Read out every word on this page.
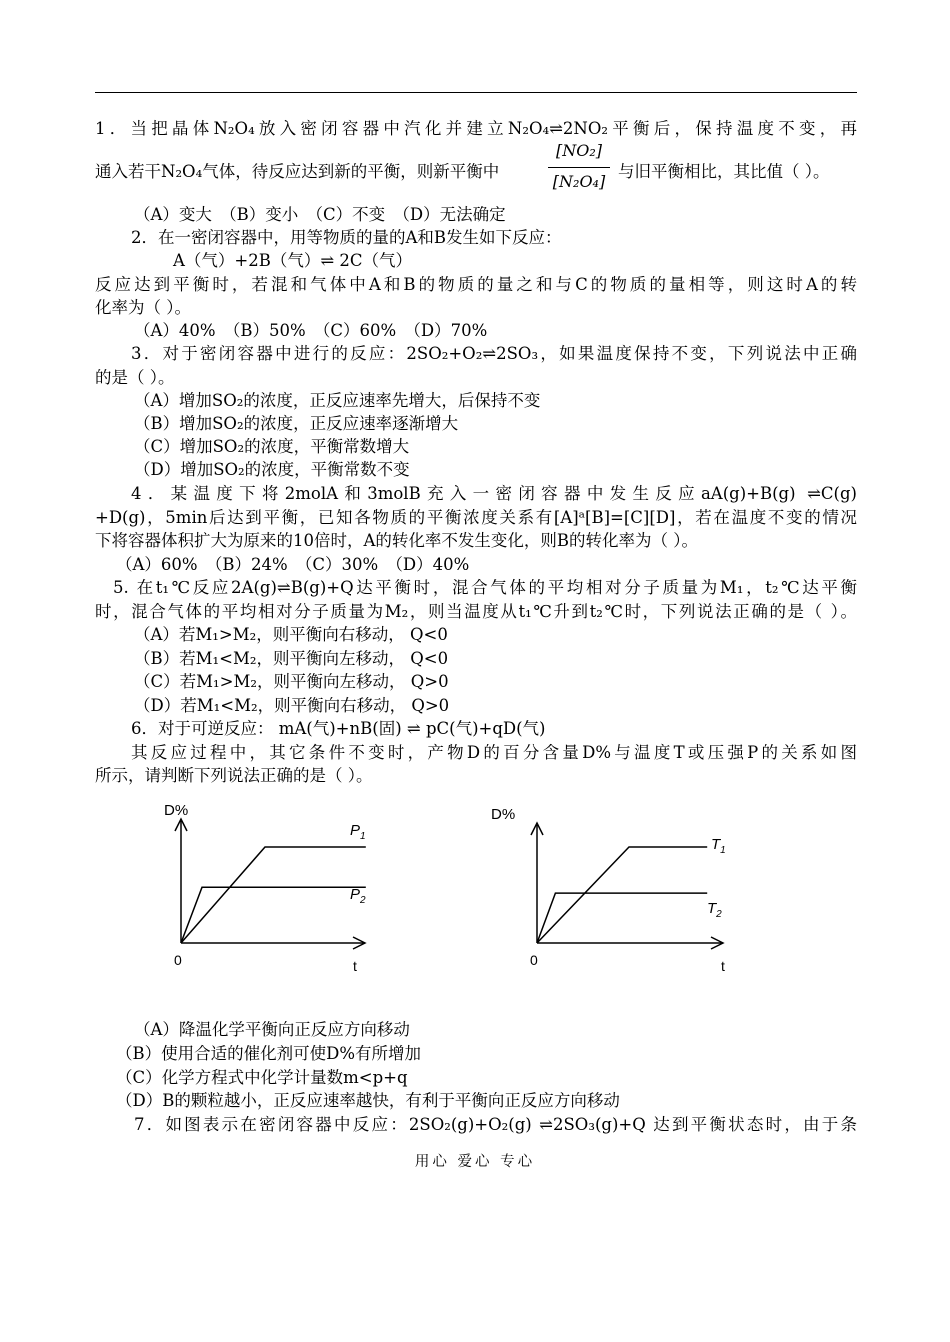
1．当把晶体N₂O₄放入密闭容器中汽化并建立N₂O₄⇌2NO₂平衡后，保持温度不变，再
通入若干N₂O₄气体，待反应达到新的平衡，则新平衡中
[NO₂]
[N₂O₄]
与旧平衡相比，其比值（ ）。
（A）变大　（B）变小　（C）不变　（D）无法确定
2．在一密闭容器中，用等物质的量的A和B发生如下反应：
A（气）+2B（气）⇌ 2C（气）
反应达到平衡时，若混和气体中A和B的物质的量之和与C的物质的量相等，则这时A的转
化率为（ ）。
（A）40%　（B）50%　（C）60%　（D）70%
3．对于密闭容器中进行的反应：2SO₂+O₂⇌2SO₃，如果温度保持不变，下列说法中正确
的是（ ）。
（A）增加SO₂的浓度，正反应速率先增大，后保持不变
（B）增加SO₂的浓度，正反应速率逐渐增大
（C）增加SO₂的浓度，平衡常数增大
（D）增加SO₂的浓度，平衡常数不变
4．某温度下将2molA和3molB充入一密闭容器中发生反应aA(g)+B(g) ⇌C(g)
+D(g)，5min后达到平衡，已知各物质的平衡浓度关系有[A]ᵃ[B]=[C][D]，若在温度不变的情况
下将容器体积扩大为原来的10倍时，A的转化率不发生变化，则B的转化率为（ ）。
（A）60%　（B）24%　（C）30%　（D）40%
5. 在t₁℃反应2A(g)⇌B(g)+Q达平衡时，混合气体的平均相对分子质量为M₁，t₂℃达平衡
时，混合气体的平均相对分子质量为M₂，则当温度从t₁℃升到t₂℃时，下列说法正确的是（ ）。
（A）若M₁>M₂，则平衡向右移动， Q<0
（B）若M₁<M₂，则平衡向左移动， Q<0
（C）若M₁>M₂，则平衡向左移动， Q>0
（D）若M₁<M₂，则平衡向右移动， Q>0
6．对于可逆反应： mA(气)+nB(固) ⇌ pC(气)+qD(气)
其反应过程中，其它条件不变时，产物D的百分含量D%与温度T或压强P的关系如图
所示，请判断下列说法正确的是（ ）。
D%
0	t
$P_1$
$P_2$
D%
0	t
$T_1$
$T_2$
（A）降温化学平衡向正反应方向移动
（B）使用合适的催化剂可使D%有所增加
（C）化学方程式中化学计量数m<p+q
（D）B的颗粒越小，正反应速率越快，有利于平衡向正反应方向移动
7．如图表示在密闭容器中反应：2SO₂(g)+O₂(g) ⇌2SO₃(g)+Q 达到平衡状态时，由于条
用心 爱心 专心
